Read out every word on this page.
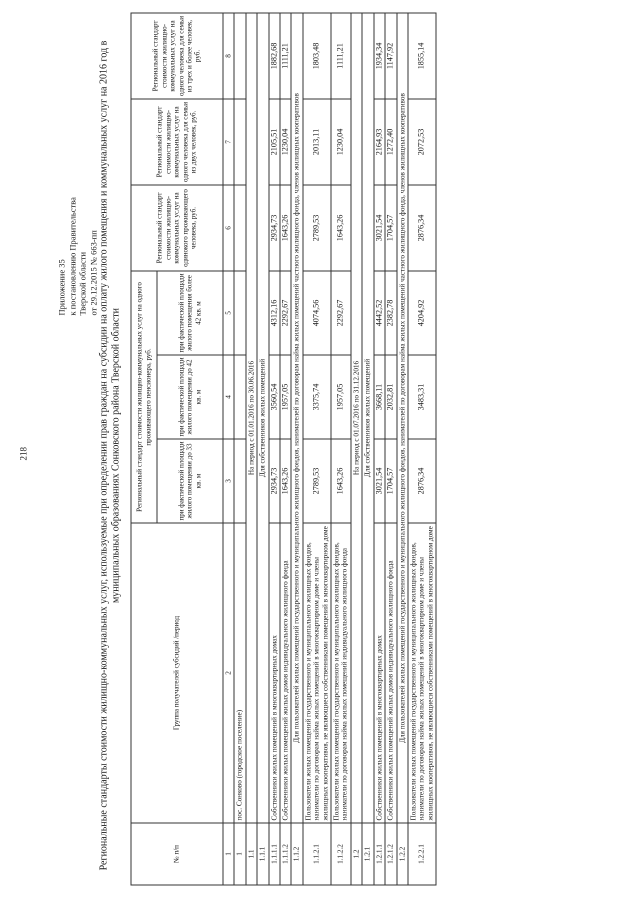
218
Приложение 35 к постановлению Правительства Тверской области от 29.12.2015 № 663-пп Региональные стандарты стоимости жилищно-коммунальных услуг, используемые при определении прав граждан на субсидии на оплату жилого помещения и коммунальных услуг на 2016 год в муниципальных образованиях Сонковского района Тверской области
№ п/п	Группа получателей субсидий /период	Региональный стандарт стоимости жилищно-коммунальных услуг на одного проживающего пенсионера, руб.			Региональный стандарт стоимости жилищно-коммунальных услуг на одинокого проживающего человека, руб.	Региональный стандарт стоимости жилищно-коммунальных услуг на одного человека для семьи из двух человек, руб.	Региональный стандарт стоимости жилищно-коммунальных услуг на одного человека для семьи из трех и более человек, руб.
		при фактической площади жилого помещения до 33 кв. м	при фактической площади жилого помещения до 42 кв. м	при фактической площади жилого помещения более 42 кв. м			
1	2	3	4	5	6	7	8
1	пос. Сонково (городское поселение)						
1.1	На период с 01.01.2016 по 30.06.2016						
1.1.1	Для собственников жилых помещений						
1.1.1.1	Собственники жилых помещений в многоквартирных домах	2934,73	3560,54	4312,16	2934,73	2105,51	1882,68
1.1.1.2	Собственники жилых помещений жилых домов индивидуального жилищного фонда	1643,26	1957,05	2292,67	1643,26	1230,04	1111,21
1.1.2	Для пользователей жилых помещений государственного и муниципального жилищного фондов, нанимателей по договорам найма жилых помещений частного жилищного фонда, членов жилищных кооперативов						
1.1.2.1	Пользователи жилых помещений государственного и муниципального жилищных фондов, наниматели по договорам найма жилых помещений в многоквартирном доме и члены жилищных кооперативов, не являющиеся собственниками помещений в многоквартирном доме	2789,53	3375,74	4074,56	2789,53	2013,11	1803,48
1.1.2.2	Пользователи жилых помещений государственного и муниципального жилищных фондов, наниматели по договорам найма жилых помещений индивидуального жилищного фонда	1643,26	1957,05	2292,67	1643,26	1230,04	1111,21
1.2	На период с 01.07.2016 по 31.12.2016						
1.2.1	Для собственников жилых помещений						
1.2.1.1	Собственники жилых помещений в многоквартирных домах	3021,54	3668,11	4442,52	3021,54	2164,93	1934,34
1.2.1.2	Собственники жилых помещений жилых домов индивидуального жилищного фонда	1704,57	2032,81	2382,78	1704,57	1272,40	1147,92
1.2.2	Для пользователей жилых помещений государственного и муниципального жилищного фондов, нанимателей по договорам найма жилых помещений частного жилищного фонда, членов жилищных кооперативов						
1.2.2.1	Пользователи жилых помещений государственного и муниципального жилищных фондов, наниматели по договорам найма жилых помещений в многоквартирном доме и члены жилищных кооперативов, не являющиеся собственниками помещений в многоквартирном доме	2876,34	3483,31	4204,92	2876,34	2072,53	1855,14
